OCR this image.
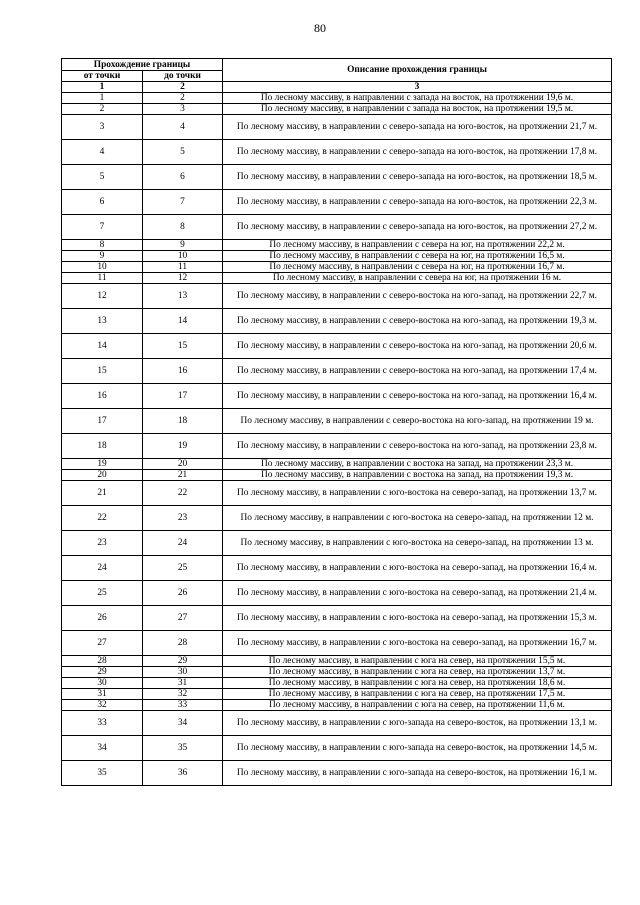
80
Прохождение границы		Описание прохождения границы
от точки	до точки	
1	2	3
1	2	По лесному массиву, в направлении с запада на восток, на протяжении 19,6 м.
2	3	По лесному массиву, в направлении с запада на восток, на протяжении 19,5 м.
3	4	По лесному массиву, в направлении с северо-запада на юго-восток, на протяжении 21,7 м.
4	5	По лесному массиву, в направлении с северо-запада на юго-восток, на протяжении 17,8 м.
5	6	По лесному массиву, в направлении с северо-запада на юго-восток, на протяжении 18,5 м.
6	7	По лесному массиву, в направлении с северо-запада на юго-восток, на протяжении 22,3 м.
7	8	По лесному массиву, в направлении с северо-запада на юго-восток, на протяжении 27,2 м.
8	9	По лесному массиву, в направлении с севера на юг, на протяжении 22,2 м.
9	10	По лесному массиву, в направлении с севера на юг, на протяжении 16,5 м.
10	11	По лесному массиву, в направлении с севера на юг, на протяжении 16,7 м.
11	12	По лесному массиву, в направлении с севера на юг, на протяжении 16 м.
12	13	По лесному массиву, в направлении с северо-востока на юго-запад, на протяжении 22,7 м.
13	14	По лесному массиву, в направлении с северо-востока на юго-запад, на протяжении 19,3 м.
14	15	По лесному массиву, в направлении с северо-востока на юго-запад, на протяжении 20,6 м.
15	16	По лесному массиву, в направлении с северо-востока на юго-запад, на протяжении 17,4 м.
16	17	По лесному массиву, в направлении с северо-востока на юго-запад, на протяжении 16,4 м.
17	18	По лесному массиву, в направлении с северо-востока на юго-запад, на протяжении 19 м.
18	19	По лесному массиву, в направлении с северо-востока на юго-запад, на протяжении 23,8 м.
19	20	По лесному массиву, в направлении с востока на запад, на протяжении 23,3 м.
20	21	По лесному массиву, в направлении с востока на запад, на протяжении 19,3 м.
21	22	По лесному массиву, в направлении с юго-востока на северо-запад, на протяжении 13,7 м.
22	23	По лесному массиву, в направлении с юго-востока на северо-запад, на протяжении 12 м.
23	24	По лесному массиву, в направлении с юго-востока на северо-запад, на протяжении 13 м.
24	25	По лесному массиву, в направлении с юго-востока на северо-запад, на протяжении 16,4 м.
25	26	По лесному массиву, в направлении с юго-востока на северо-запад, на протяжении 21,4 м.
26	27	По лесному массиву, в направлении с юго-востока на северо-запад, на протяжении 15,3 м.
27	28	По лесному массиву, в направлении с юго-востока на северо-запад, на протяжении 16,7 м.
28	29	По лесному массиву, в направлении с юга на север, на протяжении 15,5 м.
29	30	По лесному массиву, в направлении с юга на север, на протяжении 13,7 м.
30	31	По лесному массиву, в направлении с юга на север, на протяжении 18,6 м.
31	32	По лесному массиву, в направлении с юга на север, на протяжении 17,5 м.
32	33	По лесному массиву, в направлении с юга на север, на протяжении 11,6 м.
33	34	По лесному массиву, в направлении с юго-запада на северо-восток, на протяжении 13,1 м.
34	35	По лесному массиву, в направлении с юго-запада на северо-восток, на протяжении 14,5 м.
35	36	По лесному массиву, в направлении с юго-запада на северо-восток, на протяжении 16,1 м.
